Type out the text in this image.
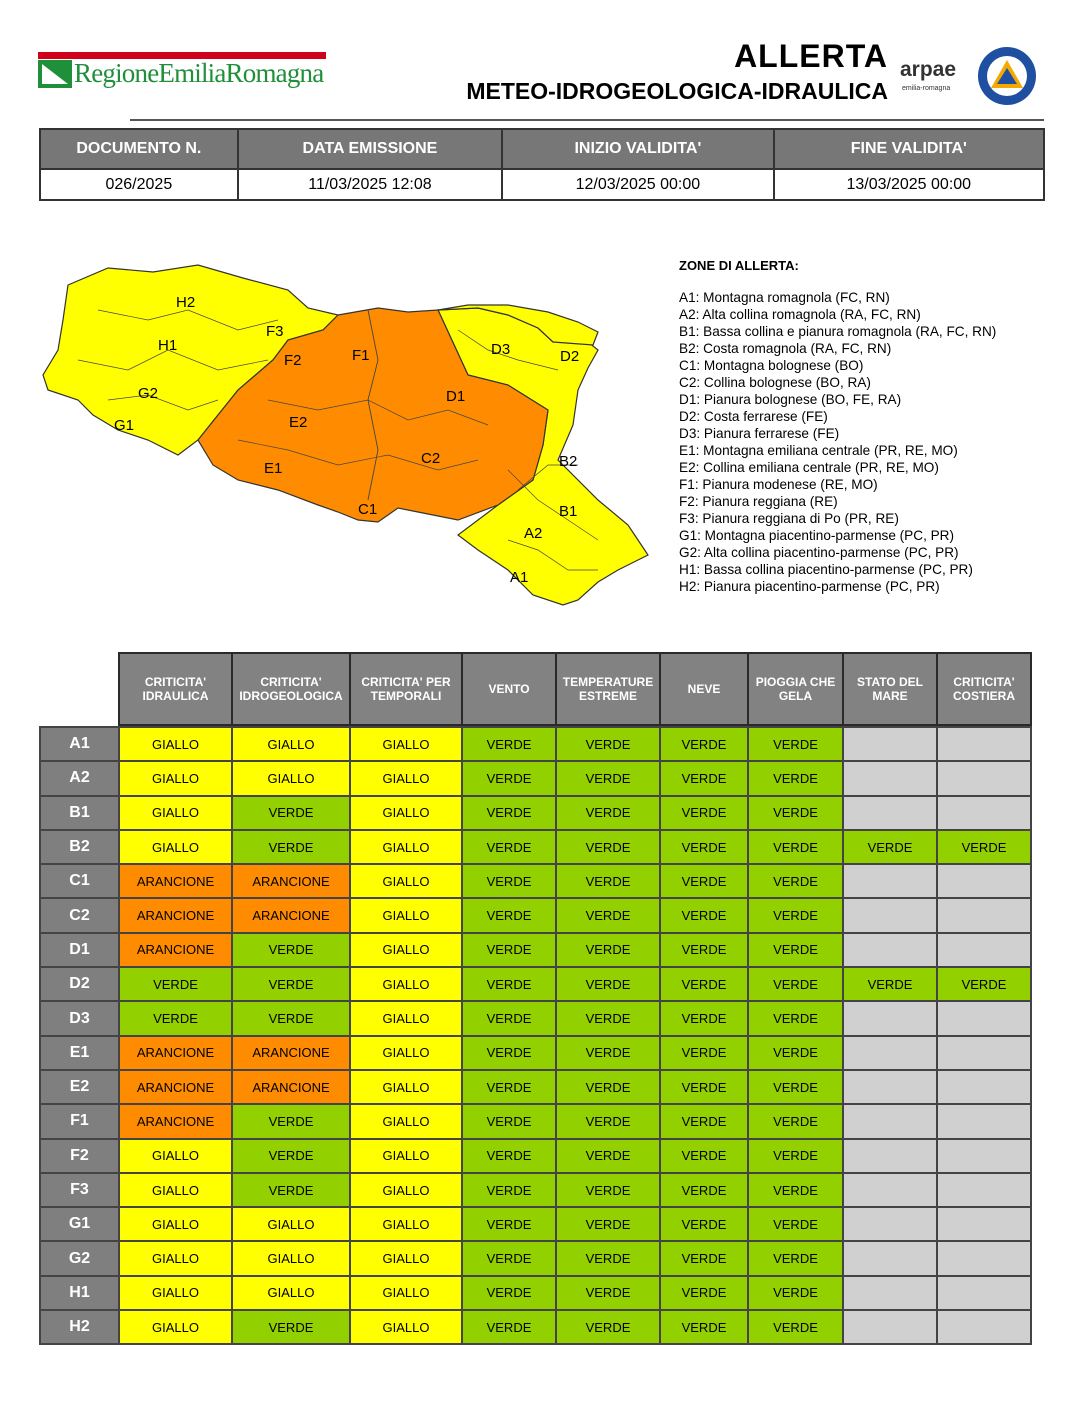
RegioneEmiliaRomagna	ALLERTA
METEO-IDROGEOLOGICA-IDRAULICA
arpae
emilia-romagna
DOCUMENTO N.	DATA EMISSIONE	INIZIO VALIDITA'	FINE VALIDITA'
026/2025	11/03/2025 12:08	12/03/2025 00:00	13/03/2025 00:00
H2
F3
H1
F2	F1	D3	D2
G2	D1
G1	E2
C2	B2
E1
B1
C1
A2
A1
ZONE DI ALLERTA:
A1: Montagna romagnola (FC, RN)
A2: Alta collina romagnola (RA, FC, RN)
B1: Bassa collina e pianura romagnola (RA, FC, RN)
B2: Costa romagnola (RA, FC, RN)
C1: Montagna bolognese (BO)
C2: Collina bolognese (BO, RA)
D1: Pianura bolognese (BO, FE, RA)
D2: Costa ferrarese (FE)
D3: Pianura ferrarese (FE)
E1: Montagna emiliana centrale (PR, RE, MO)
E2: Collina emiliana centrale (PR, RE, MO)
F1: Pianura modenese (RE, MO)
F2: Pianura reggiana (RE)
F3: Pianura reggiana di Po (PR, RE)
G1: Montagna piacentino-parmense (PC, PR)
G2: Alta collina piacentino-parmense (PC, PR)
H1: Bassa collina piacentino-parmense (PC, PR)
H2: Pianura piacentino-parmense (PC, PR)
	CRITICITA' IDRAULICA	CRITICITA' IDROGEOLOGICA	CRITICITA' PER TEMPORALI	VENTO	TEMPERATURE ESTREME	NEVE	PIOGGIA CHE GELA	STATO DEL MARE	CRITICITA' COSTIERA

A1	GIALLO	GIALLO	GIALLO	VERDE	VERDE	VERDE	VERDE		
A2	GIALLO	GIALLO	GIALLO	VERDE	VERDE	VERDE	VERDE		
B1	GIALLO	VERDE	GIALLO	VERDE	VERDE	VERDE	VERDE		
B2	GIALLO	VERDE	GIALLO	VERDE	VERDE	VERDE	VERDE	VERDE	VERDE
C1	ARANCIONE	ARANCIONE	GIALLO	VERDE	VERDE	VERDE	VERDE		
C2	ARANCIONE	ARANCIONE	GIALLO	VERDE	VERDE	VERDE	VERDE		
D1	ARANCIONE	VERDE	GIALLO	VERDE	VERDE	VERDE	VERDE		
D2	VERDE	VERDE	GIALLO	VERDE	VERDE	VERDE	VERDE	VERDE	VERDE
D3	VERDE	VERDE	GIALLO	VERDE	VERDE	VERDE	VERDE		
E1	ARANCIONE	ARANCIONE	GIALLO	VERDE	VERDE	VERDE	VERDE		
E2	ARANCIONE	ARANCIONE	GIALLO	VERDE	VERDE	VERDE	VERDE		
F1	ARANCIONE	VERDE	GIALLO	VERDE	VERDE	VERDE	VERDE		
F2	GIALLO	VERDE	GIALLO	VERDE	VERDE	VERDE	VERDE		
F3	GIALLO	VERDE	GIALLO	VERDE	VERDE	VERDE	VERDE		
G1	GIALLO	GIALLO	GIALLO	VERDE	VERDE	VERDE	VERDE		
G2	GIALLO	GIALLO	GIALLO	VERDE	VERDE	VERDE	VERDE		
H1	GIALLO	GIALLO	GIALLO	VERDE	VERDE	VERDE	VERDE		
H2	GIALLO	VERDE	GIALLO	VERDE	VERDE	VERDE	VERDE		
